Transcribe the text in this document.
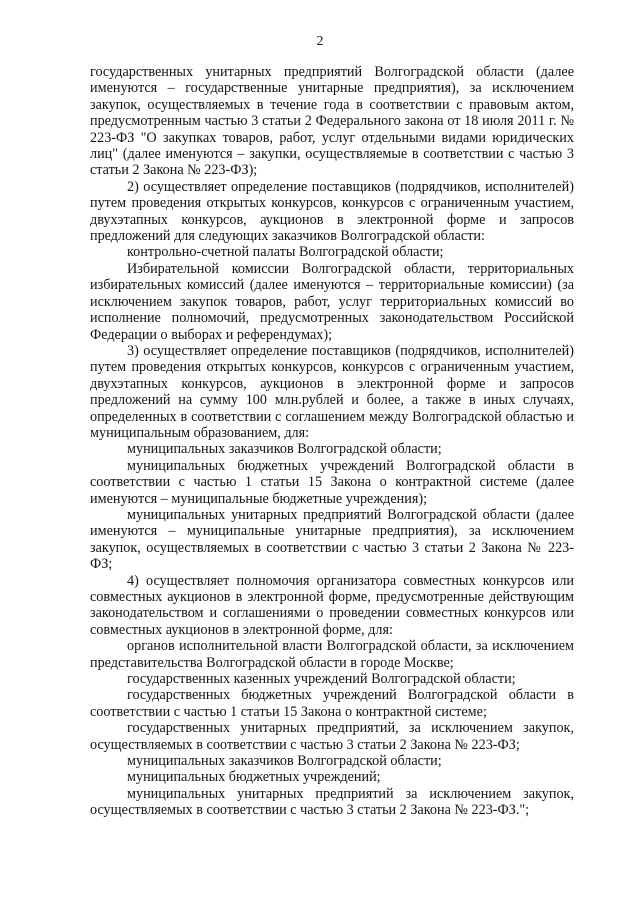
2

государственных унитарных предприятий Волгоградской области (далее именуются – государственные унитарные предприятия), за исключением закупок, осуществляемых в течение года в соответствии с правовым актом, предусмотренным частью 3 статьи 2 Федерального закона от 18 июля 2011 г. № 223-ФЗ "О закупках товаров, работ, услуг отдельными видами юридических лиц" (далее именуются – закупки, осуществляемые в соответствии с частью 3 статьи 2 Закона № 223-ФЗ);

2) осуществляет определение поставщиков (подрядчиков, исполнителей) путем проведения открытых конкурсов, конкурсов с ограниченным участием, двухэтапных конкурсов, аукционов в электронной форме и запросов предложений для следующих заказчиков Волгоградской области:

контрольно-счетной палаты Волгоградской области;

Избирательной комиссии Волгоградской области, территориальных избирательных комиссий (далее именуются – территориальные комиссии) (за исключением закупок товаров, работ, услуг территориальных комиссий во исполнение полномочий, предусмотренных законодательством Российской Федерации о выборах и референдумах);

3) осуществляет определение поставщиков (подрядчиков, исполнителей) путем проведения открытых конкурсов, конкурсов с ограниченным участием, двухэтапных конкурсов, аукционов в электронной форме и запросов предложений на сумму 100 млн.рублей и более, а также в иных случаях, определенных в соответствии с соглашением между Волгоградской областью и муниципальным образованием, для:

муниципальных заказчиков Волгоградской области;

муниципальных бюджетных учреждений Волгоградской области в соответствии с частью 1 статьи 15 Закона о контрактной системе (далее именуются – муниципальные бюджетные учреждения);

муниципальных унитарных предприятий Волгоградской области (далее именуются – муниципальные унитарные предприятия), за исключением закупок, осуществляемых в соответствии с частью 3 статьи 2 Закона № 223-ФЗ;

4) осуществляет полномочия организатора совместных конкурсов или совместных аукционов в электронной форме, предусмотренные действующим законодательством и соглашениями о проведении совместных конкурсов или совместных аукционов в электронной форме, для:

органов исполнительной власти Волгоградской области, за исключением представительства Волгоградской области в городе Москве;

государственных казенных учреждений Волгоградской области;

государственных бюджетных учреждений Волгоградской области в соответствии с частью 1 статьи 15 Закона о контрактной системе;

государственных унитарных предприятий, за исключением закупок, осуществляемых в соответствии с частью 3 статьи 2 Закона № 223-ФЗ;

муниципальных заказчиков Волгоградской области;

муниципальных бюджетных учреждений;

муниципальных унитарных предприятий за исключением закупок, осуществляемых в соответствии с частью 3 статьи 2 Закона № 223-ФЗ.";
